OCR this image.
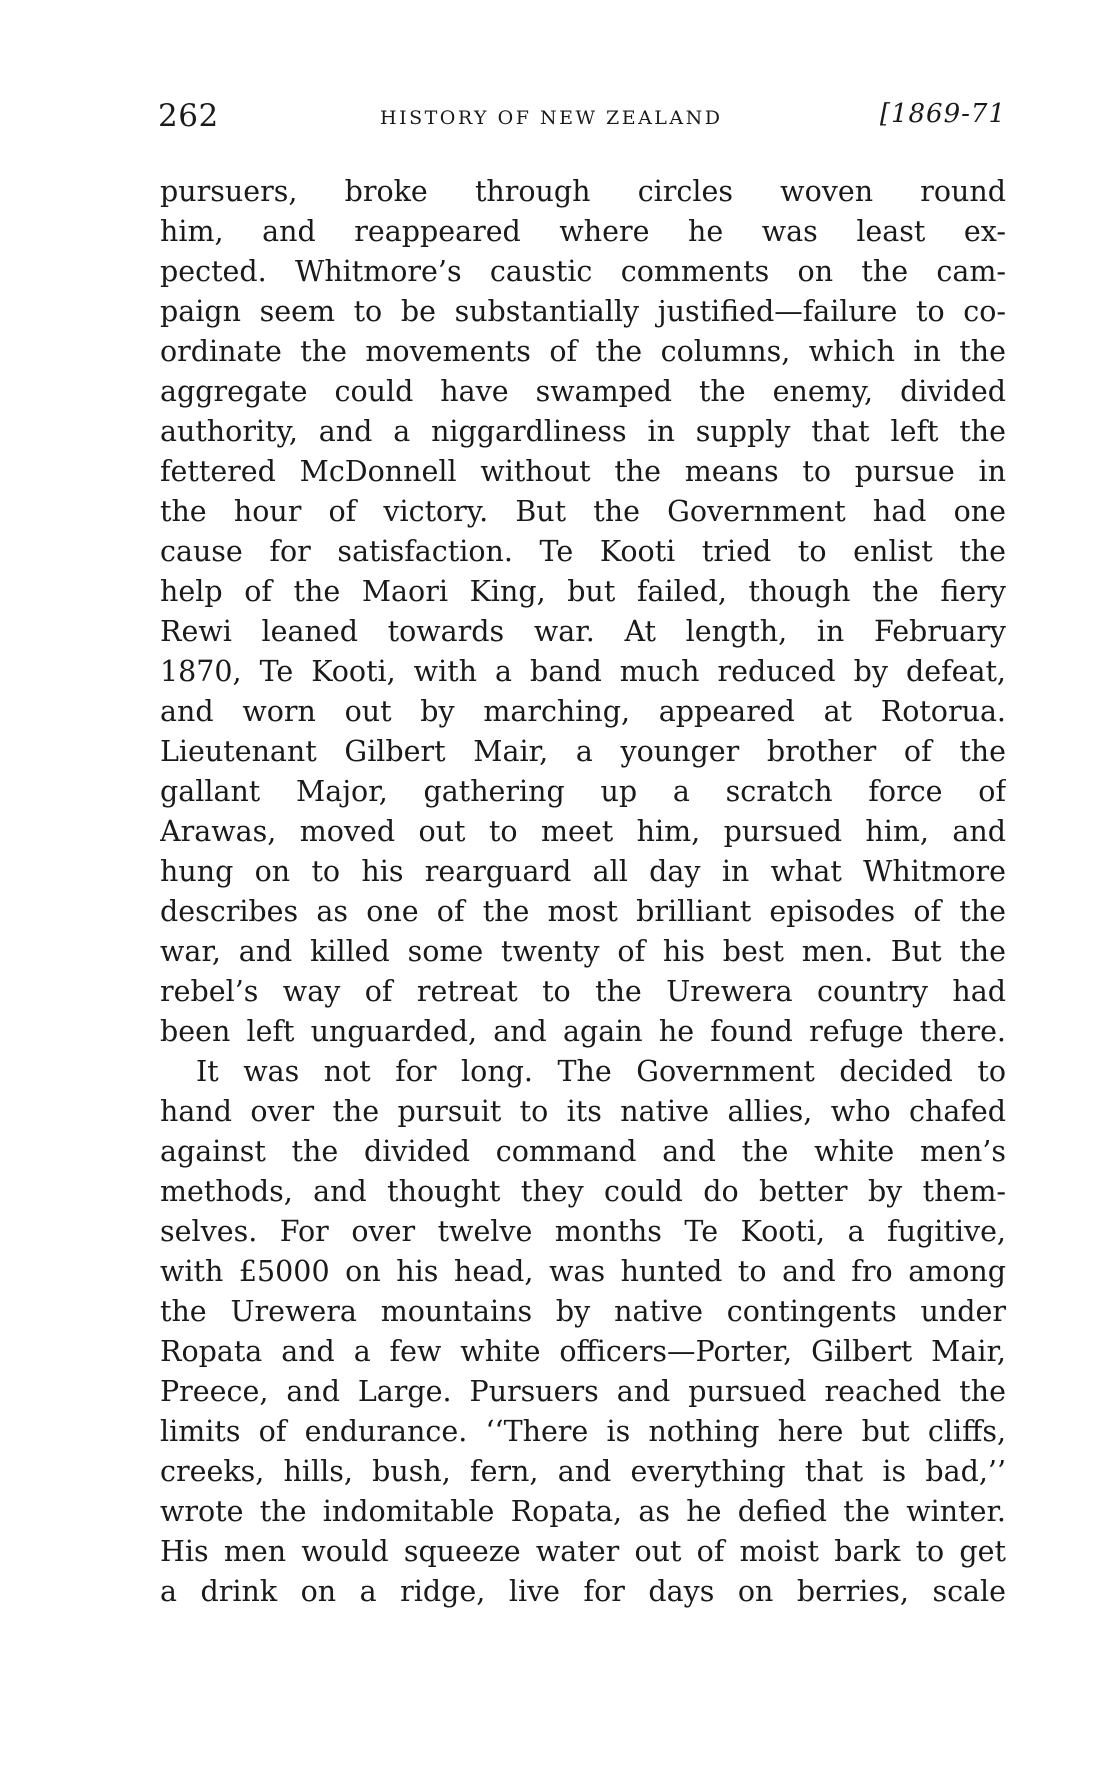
262	HISTORY OF NEW ZEALAND	[1869-71
pursuers, broke through circles woven round
him, and reappeared where he was least ex-
pected. Whitmore’s caustic comments on the cam-
paign seem to be substantially justified—failure to co-
ordinate the movements of the columns, which in the
aggregate could have swamped the enemy, divided
authority, and a niggardliness in supply that left the
fettered McDonnell without the means to pursue in
the hour of victory. But the Government had one
cause for satisfaction. Te Kooti tried to enlist the
help of the Maori King, but failed, though the fiery
Rewi leaned towards war. At length, in February
1870, Te Kooti, with a band much reduced by defeat,
and worn out by marching, appeared at Rotorua.
Lieutenant Gilbert Mair, a younger brother of the
gallant Major, gathering up a scratch force of
Arawas, moved out to meet him, pursued him, and
hung on to his rearguard all day in what Whitmore
describes as one of the most brilliant episodes of the
war, and killed some twenty of his best men. But the
rebel’s way of retreat to the Urewera country had
been left unguarded, and again he found refuge there.
It was not for long. The Government decided to
hand over the pursuit to its native allies, who chafed
against the divided command and the white men’s
methods, and thought they could do better by them-
selves. For over twelve months Te Kooti, a fugitive,
with £5000 on his head, was hunted to and fro among
the Urewera mountains by native contingents under
Ropata and a few white officers—Porter, Gilbert Mair,
Preece, and Large. Pursuers and pursued reached the
limits of endurance. ‘‘There is nothing here but cliffs,
creeks, hills, bush, fern, and everything that is bad,’’
wrote the indomitable Ropata, as he defied the winter.
His men would squeeze water out of moist bark to get
a drink on a ridge, live for days on berries, scale
